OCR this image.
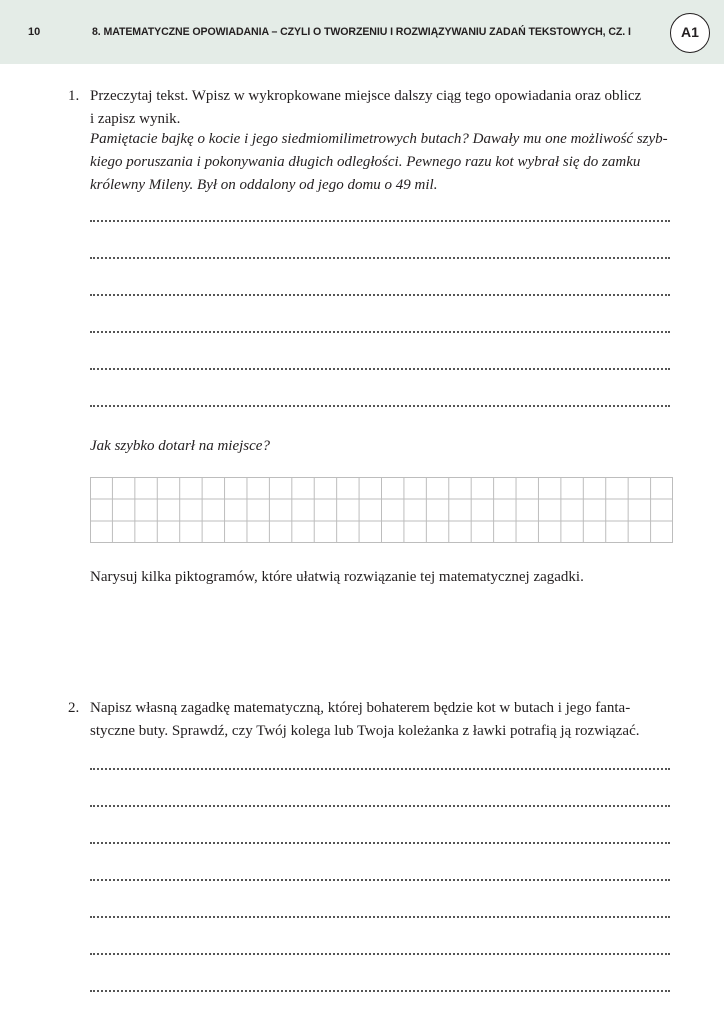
10	8. MATEMATYCZNE OPOWIADANIA – CZYLI O TWORZENIU I ROZWIĄZYWANIU ZADAŃ TEKSTOWYCH, CZ. I	A1
1. Przeczytaj tekst. Wpisz w wykropkowane miejsce dalszy ciąg tego opowiadania oraz oblicz
i zapisz wynik.
Pamiętacie bajkę o kocie i jego siedmiomilimetrowych butach? Dawały mu one możliwość szyb-
kiego poruszania i pokonywania długich odległości. Pewnego razu kot wybrał się do zamku
królewny Mileny. Był on oddalony od jego domu o 49 mil.
Jak szybko dotarł na miejsce?
Narysuj kilka piktogramów, które ułatwią rozwiązanie tej matematycznej zagadki.
2. Napisz własną zagadkę matematyczną, której bohaterem będzie kot w butach i jego fanta-
styczne buty. Sprawdź, czy Twój kolega lub Twoja koleżanka z ławki potrafią ją rozwiązać.
